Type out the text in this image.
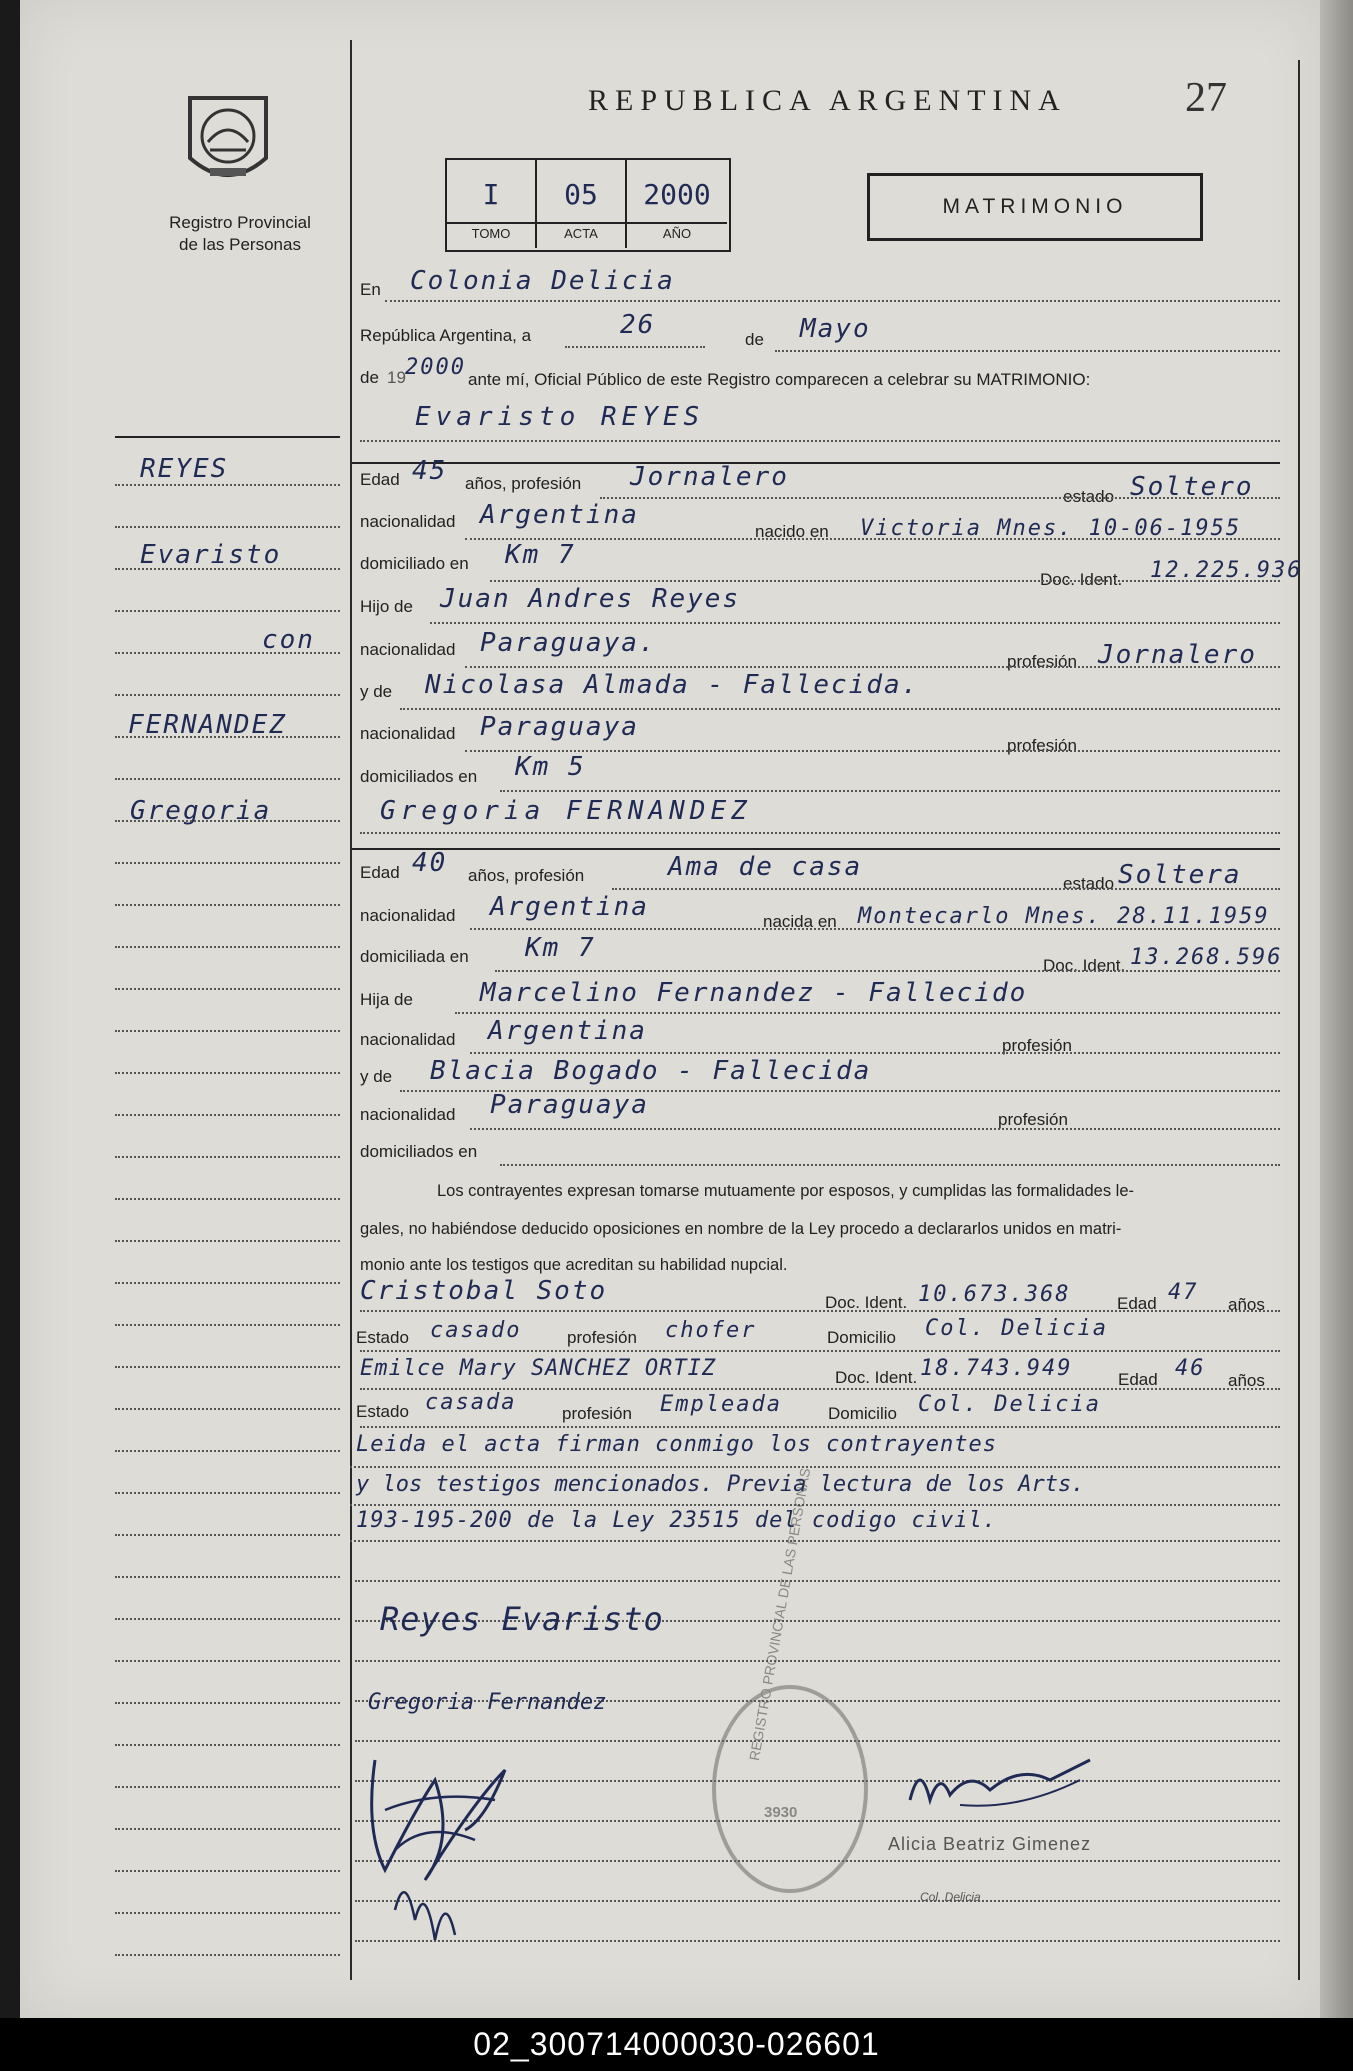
Registro Provincial
de las Personas
REPUBLICA ARGENTINA	27
I
TOMO
05
ACTA
2000
AÑO
MATRIMONIO
En Colonia Delicia
República Argentina, a	26	de Mayo
de 19 2000 ante mí, Oficial Público de este Registro comparecen a celebrar su MATRIMONIO:
Evaristo REYES
REYES
Evaristo
con
FERNANDEZ
Gregoria
Edad 45 años, profesión Jornalero
estado Soltero
nacionalidad Argentina
nacido en Victoria Mnes. 10-06-1955
domiciliado en Km 7
Doc. Ident. 12.225.936
Hijo de Juan Andres Reyes
nacionalidad Paraguaya.
profesión Jornalero
y de Nicolasa Almada - Fallecida.
nacionalidad Paraguaya
profesión
domiciliados en Km 5
Gregoria FERNANDEZ
Edad 40 años, profesión	Ama de casa
estado Soltera
nacionalidad Argentina	nacida en Montecarlo Mnes. 28.11.1959
domiciliada en Km 7
Doc. Ident. 13.268.596
Hija de	Marcelino Fernandez - Fallecido
nacionalidad Argentina	profesión
y de Blacia Bogado - Fallecida
nacionalidad Paraguaya	profesión
domiciliados en
Los contrayentes expresan tomarse mutuamente por esposos, y cumplidas las formalidades le-
gales, no habiéndose deducido oposiciones en nombre de la Ley procedo a declararlos unidos en matri-
monio ante los testigos que acreditan su habilidad nupcial.
Cristobal Soto	Doc. Ident. 10.673.368	Edad 47 años
Estado casado	profesión chofer	Domicilio Col. Delicia
Emilce Mary SANCHEZ ORTIZ	Doc. Ident. 18.743.949	Edad 46 años
Estado casada	profesión Empleada	Domicilio Col. Delicia
Leida el acta firman conmigo los contrayentes
y los testigos mencionados. Previa lectura de los Arts.
193-195-200 de la Ley 23515 del codigo civil.
Reyes Evaristo
Gregoria Fernandez	REGISTRO PROVINCIAL DE LAS PERSONAS
3930
Alicia Beatriz Gimenez
Col. Delicia
02_300714000030-026601
